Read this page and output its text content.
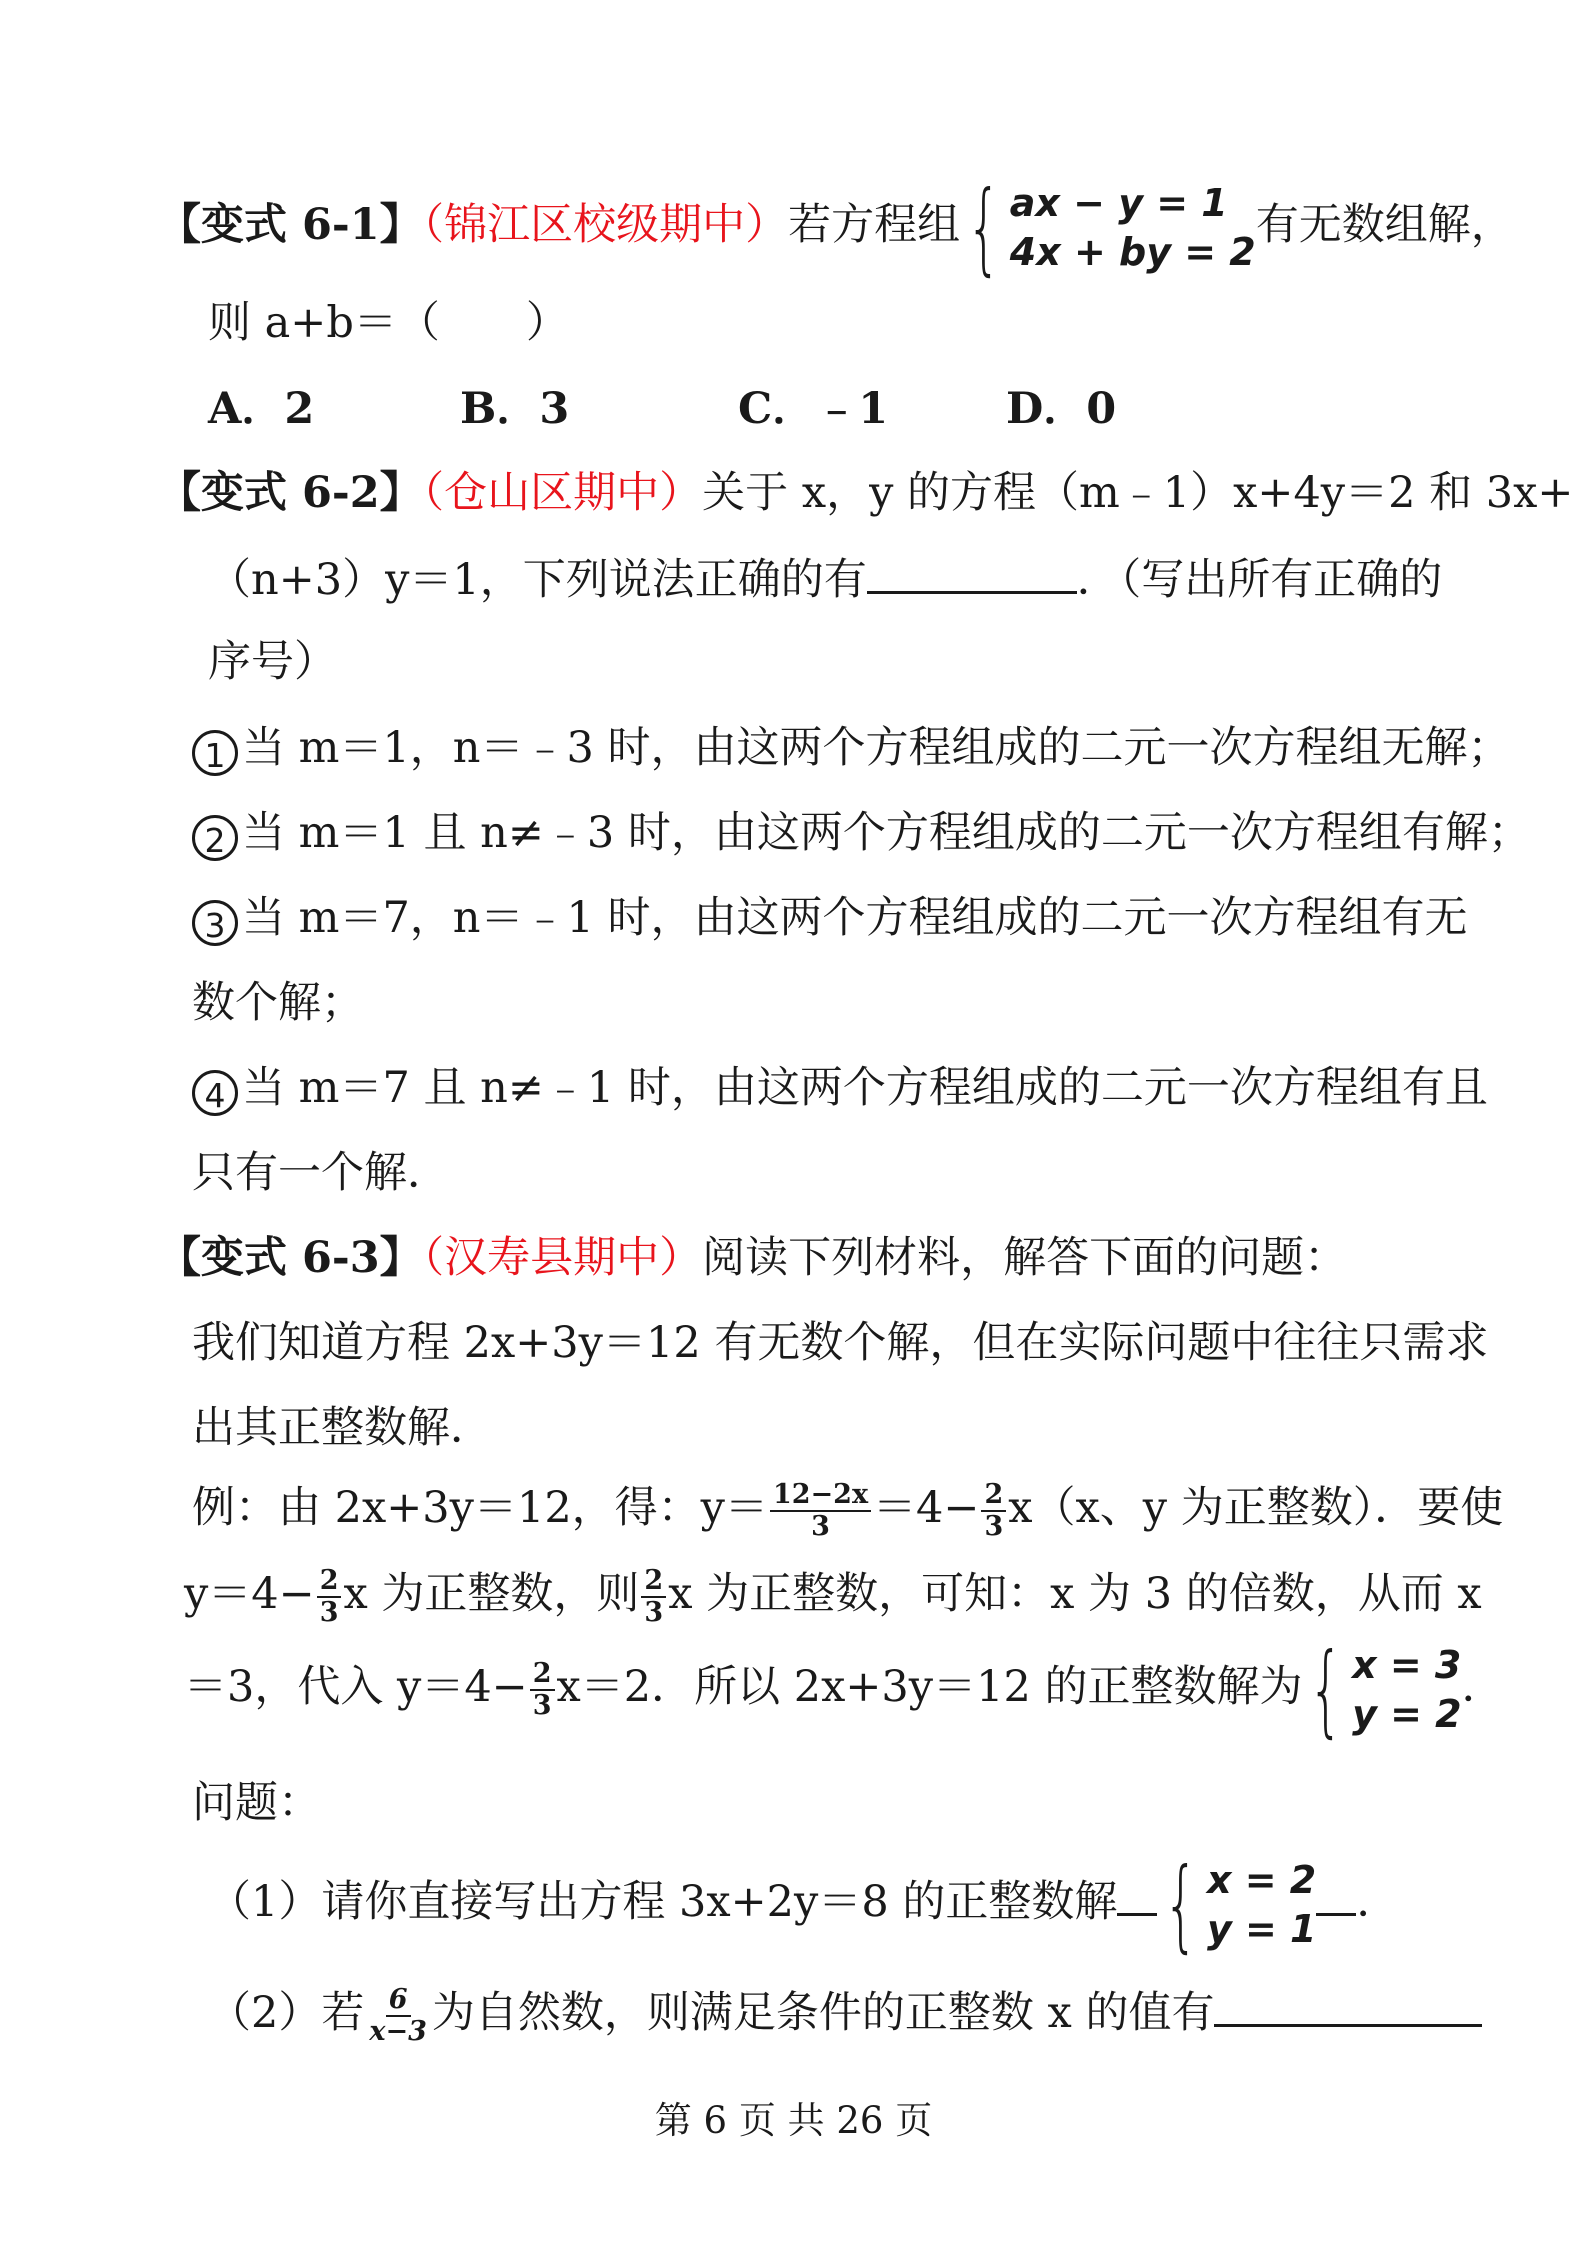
【变式 6-1】（锦江区校级期中）若方程组 { ax − y = 1
4x + by = 2
有无数组解，
则 a+b＝（　　）
A．2	B．3	C．﹣1	D．0
【变式 6-2】（仓山区期中）关于 x，y 的方程（m﹣1）x+4y＝2 和 3x+
（n+3）y＝1，下列说法正确的有	．（写出所有正确的
序号）
1 当 m＝1，n＝﹣3 时，由这两个方程组成的二元一次方程组无解；
2 当 m＝1 且 n≠﹣3 时，由这两个方程组成的二元一次方程组有解；
3 当 m＝7，n＝﹣1 时，由这两个方程组成的二元一次方程组有无
数个解；
4 当 m＝7 且 n≠﹣1 时，由这两个方程组成的二元一次方程组有且
只有一个解．
【变式 6-3】（汉寿县期中）阅读下列材料，解答下面的问题：
我们知道方程 2x+3y＝12 有无数个解，但在实际问题中往往只需求
出其正整数解．
例：由 2x+3y＝12，得：$y= \frac{12-2x}{3} =4- \frac{2}{3} x(x$、y 为正整数）．要使
$y=4- \frac{2}{3}$ x 为正整数，则 $\frac{2}{3}$ x 为正整数，可知：x 为 3 的倍数，从而 x
＝3，代入 $y=4- \frac{2}{3} x=2$．所以 2x+3y＝12 的正整数解为 { x = 3
y = 2
．
问题：
（1）请你直接写出方程 3x+2y＝8 的正整数解 { x = 2
y = 1
．
（2）若 $\frac{6}{x-3}$ 为自然数，则满足条件的正整数 x 的值有
第 6 页 共 26 页
